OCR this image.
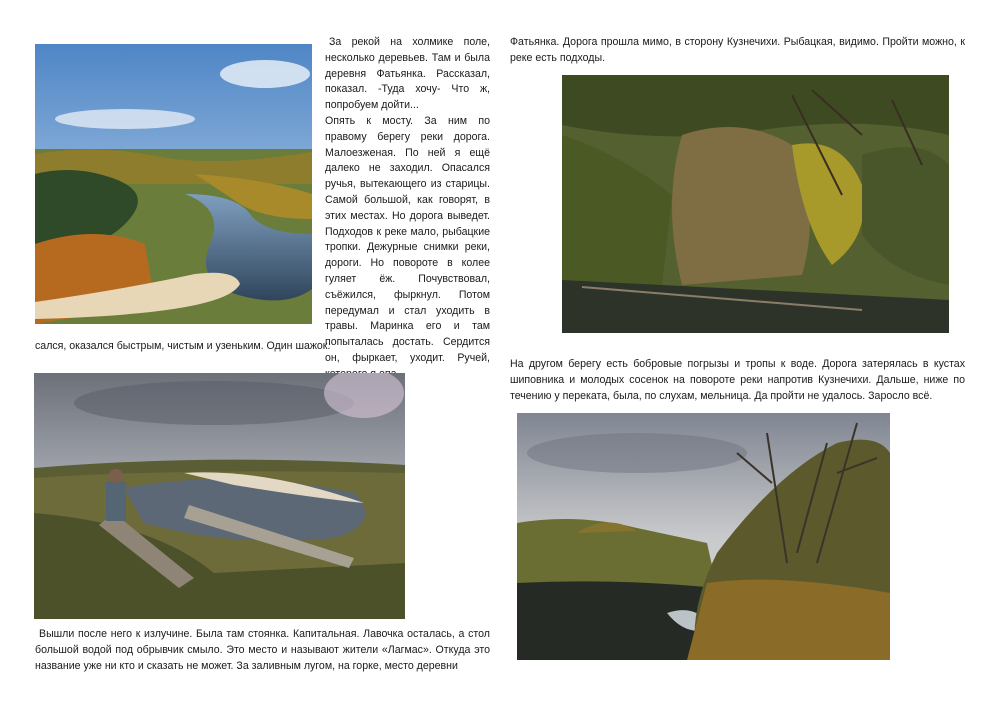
За рекой на холмике поле, несколько деревьев. Там и была деревня Фатьянка. Рассказал, показал. -Туда хочу- Что ж, попробуем дойти...

Опять к мосту. За ним по правому берегу реки дорога. Малоезженая. По ней я ещё далеко не заходил. Опасался ручья, вытекающего из старицы. Самой большой, как говорят, в этих местах. Но дорога выведет. Подходов к реке мало, рыбацкие тропки. Дежурные снимки реки, дороги. Но повороте в колее гуляет ёж. Почувствовал, съёжился, фыркнул. Потом передумал и стал уходить в травы. Маринка его и там попыталась достать. Сердится он, фыркает, уходит. Ручей,

сался, оказался быстрым, чистым и узеньким. Один шажок.

Вышли после него к излучине. Была там стоянка. Капитальная. Лавочка осталась, а стол большой водой под обрывчик смыло. Это место и называют жители «Лагмас». Откуда это название уже ни кто и сказать не может. За заливным лугом, на горке, место деревни

Фатьянка. Дорога прошла мимо, в сторону Кузнечихи. Рыбацкая, видимо. Пройти можно, к реке есть подходы.

На другом берегу есть бобровые погрызы и тропы к воде. Дорога затерялась в кустах шиповника и молодых сосенок на повороте реки напротив Кузнечихи. Дальше, ниже по течению у переката, была, по слухам, мельница. Да пройти не удалось. Заросло всё.
